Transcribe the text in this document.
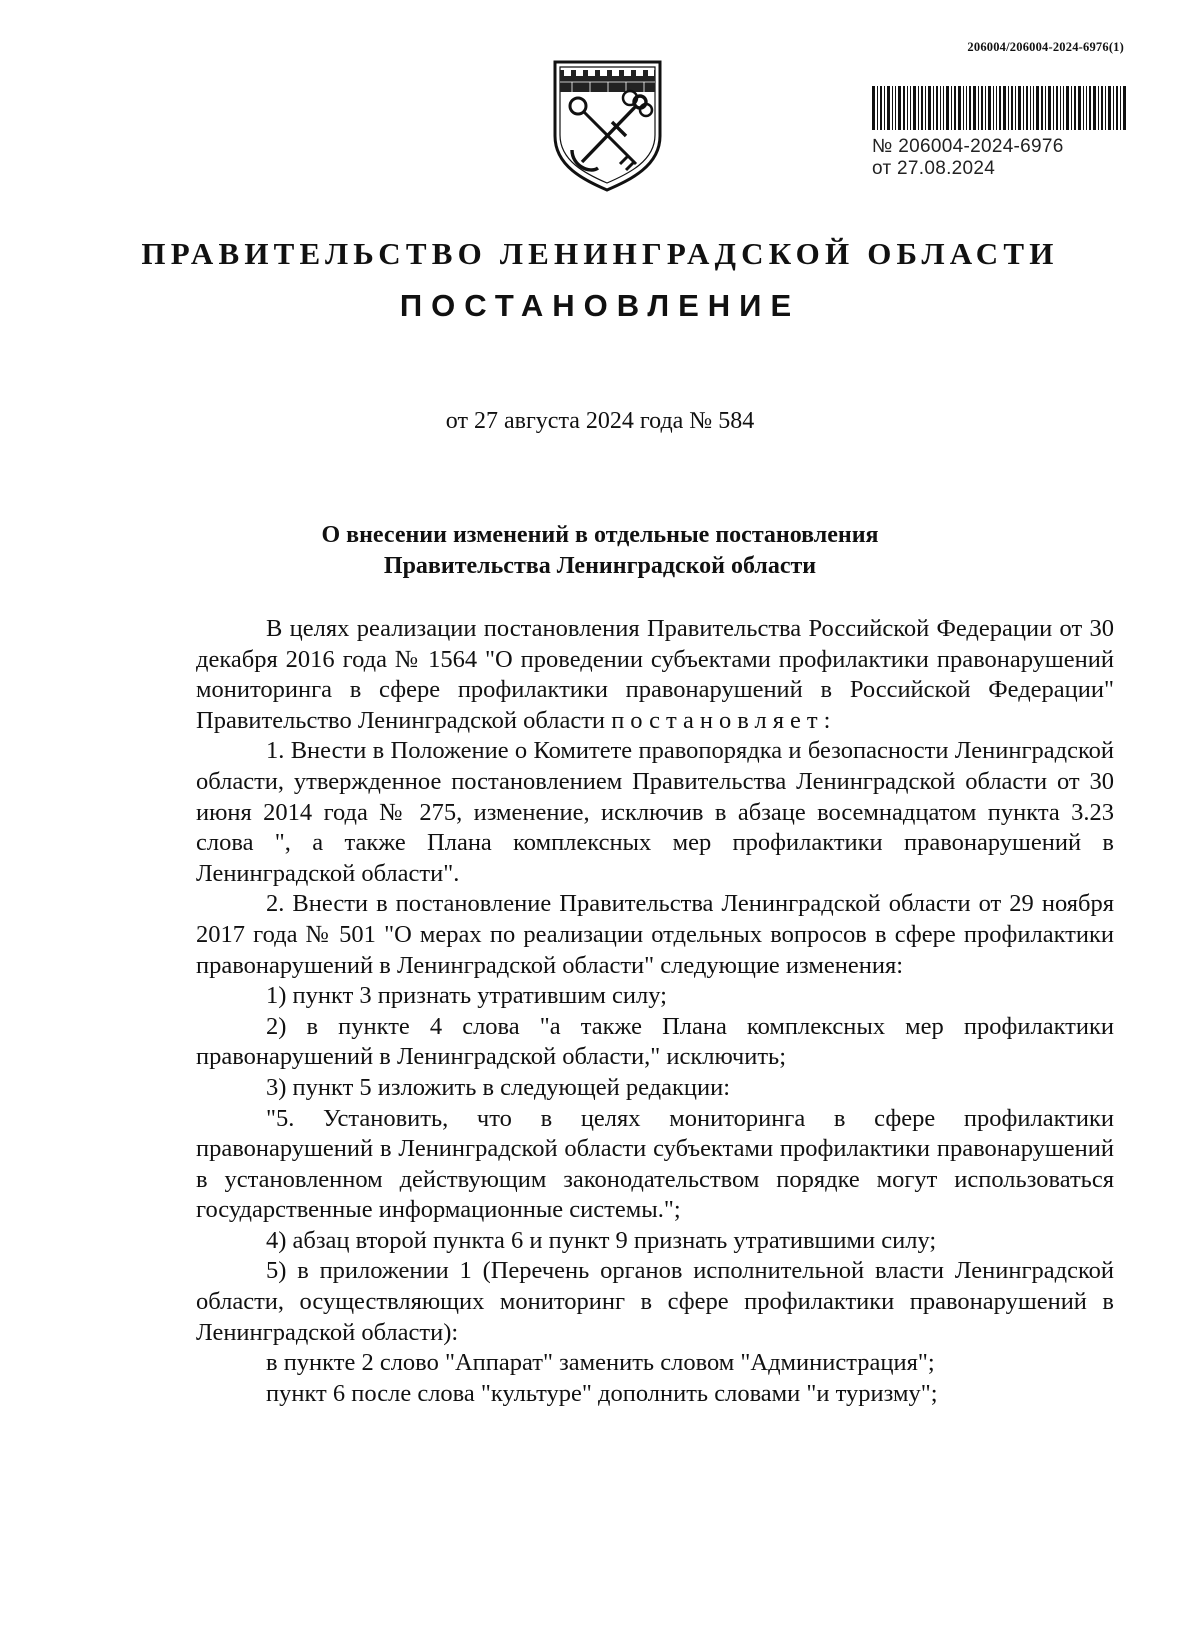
206004/206004-2024-6976(1)
№ 206004-2024-6976
от 27.08.2024
ПРАВИТЕЛЬСТВО ЛЕНИНГРАДСКОЙ ОБЛАСТИ
ПОСТАНОВЛЕНИЕ
от 27 августа 2024 года № 584
О внесении изменений в отдельные постановления
Правительства Ленинградской области

В целях реализации постановления Правительства Российской Федерации от 30 декабря 2016 года № 1564 "О проведении субъектами профилактики правонарушений мониторинга в сфере профилактики правонарушений в Российской Федерации" Правительство Ленинградской области постановляет:

1. Внести в Положение о Комитете правопорядка и безопасности Ленинградской области, утвержденное постановлением Правительства Ленинградской области от 30 июня 2014 года № 275, изменение, исключив в абзаце восемнадцатом пункта 3.23 слова ", а также Плана комплексных мер профилактики правонарушений в Ленинградской области".

2. Внести в постановление Правительства Ленинградской области от 29 ноября 2017 года № 501 "О мерах по реализации отдельных вопросов в сфере профилактики правонарушений в Ленинградской области" следующие изменения:

1) пункт 3 признать утратившим силу;

2) в пункте 4 слова "а также Плана комплексных мер профилактики правонарушений в Ленинградской области," исключить;

3) пункт 5 изложить в следующей редакции:

"5. Установить, что в целях мониторинга в сфере профилактики правонарушений в Ленинградской области субъектами профилактики правонарушений в установленном действующим законодательством порядке могут использоваться государственные информационные системы.";

4) абзац второй пункта 6 и пункт 9 признать утратившими силу;

5) в приложении 1 (Перечень органов исполнительной власти Ленинградской области, осуществляющих мониторинг в сфере профилактики правонарушений в Ленинградской области):

в пункте 2 слово "Аппарат" заменить словом "Администрация";

пункт 6 после слова "культуре" дополнить словами "и туризму";
